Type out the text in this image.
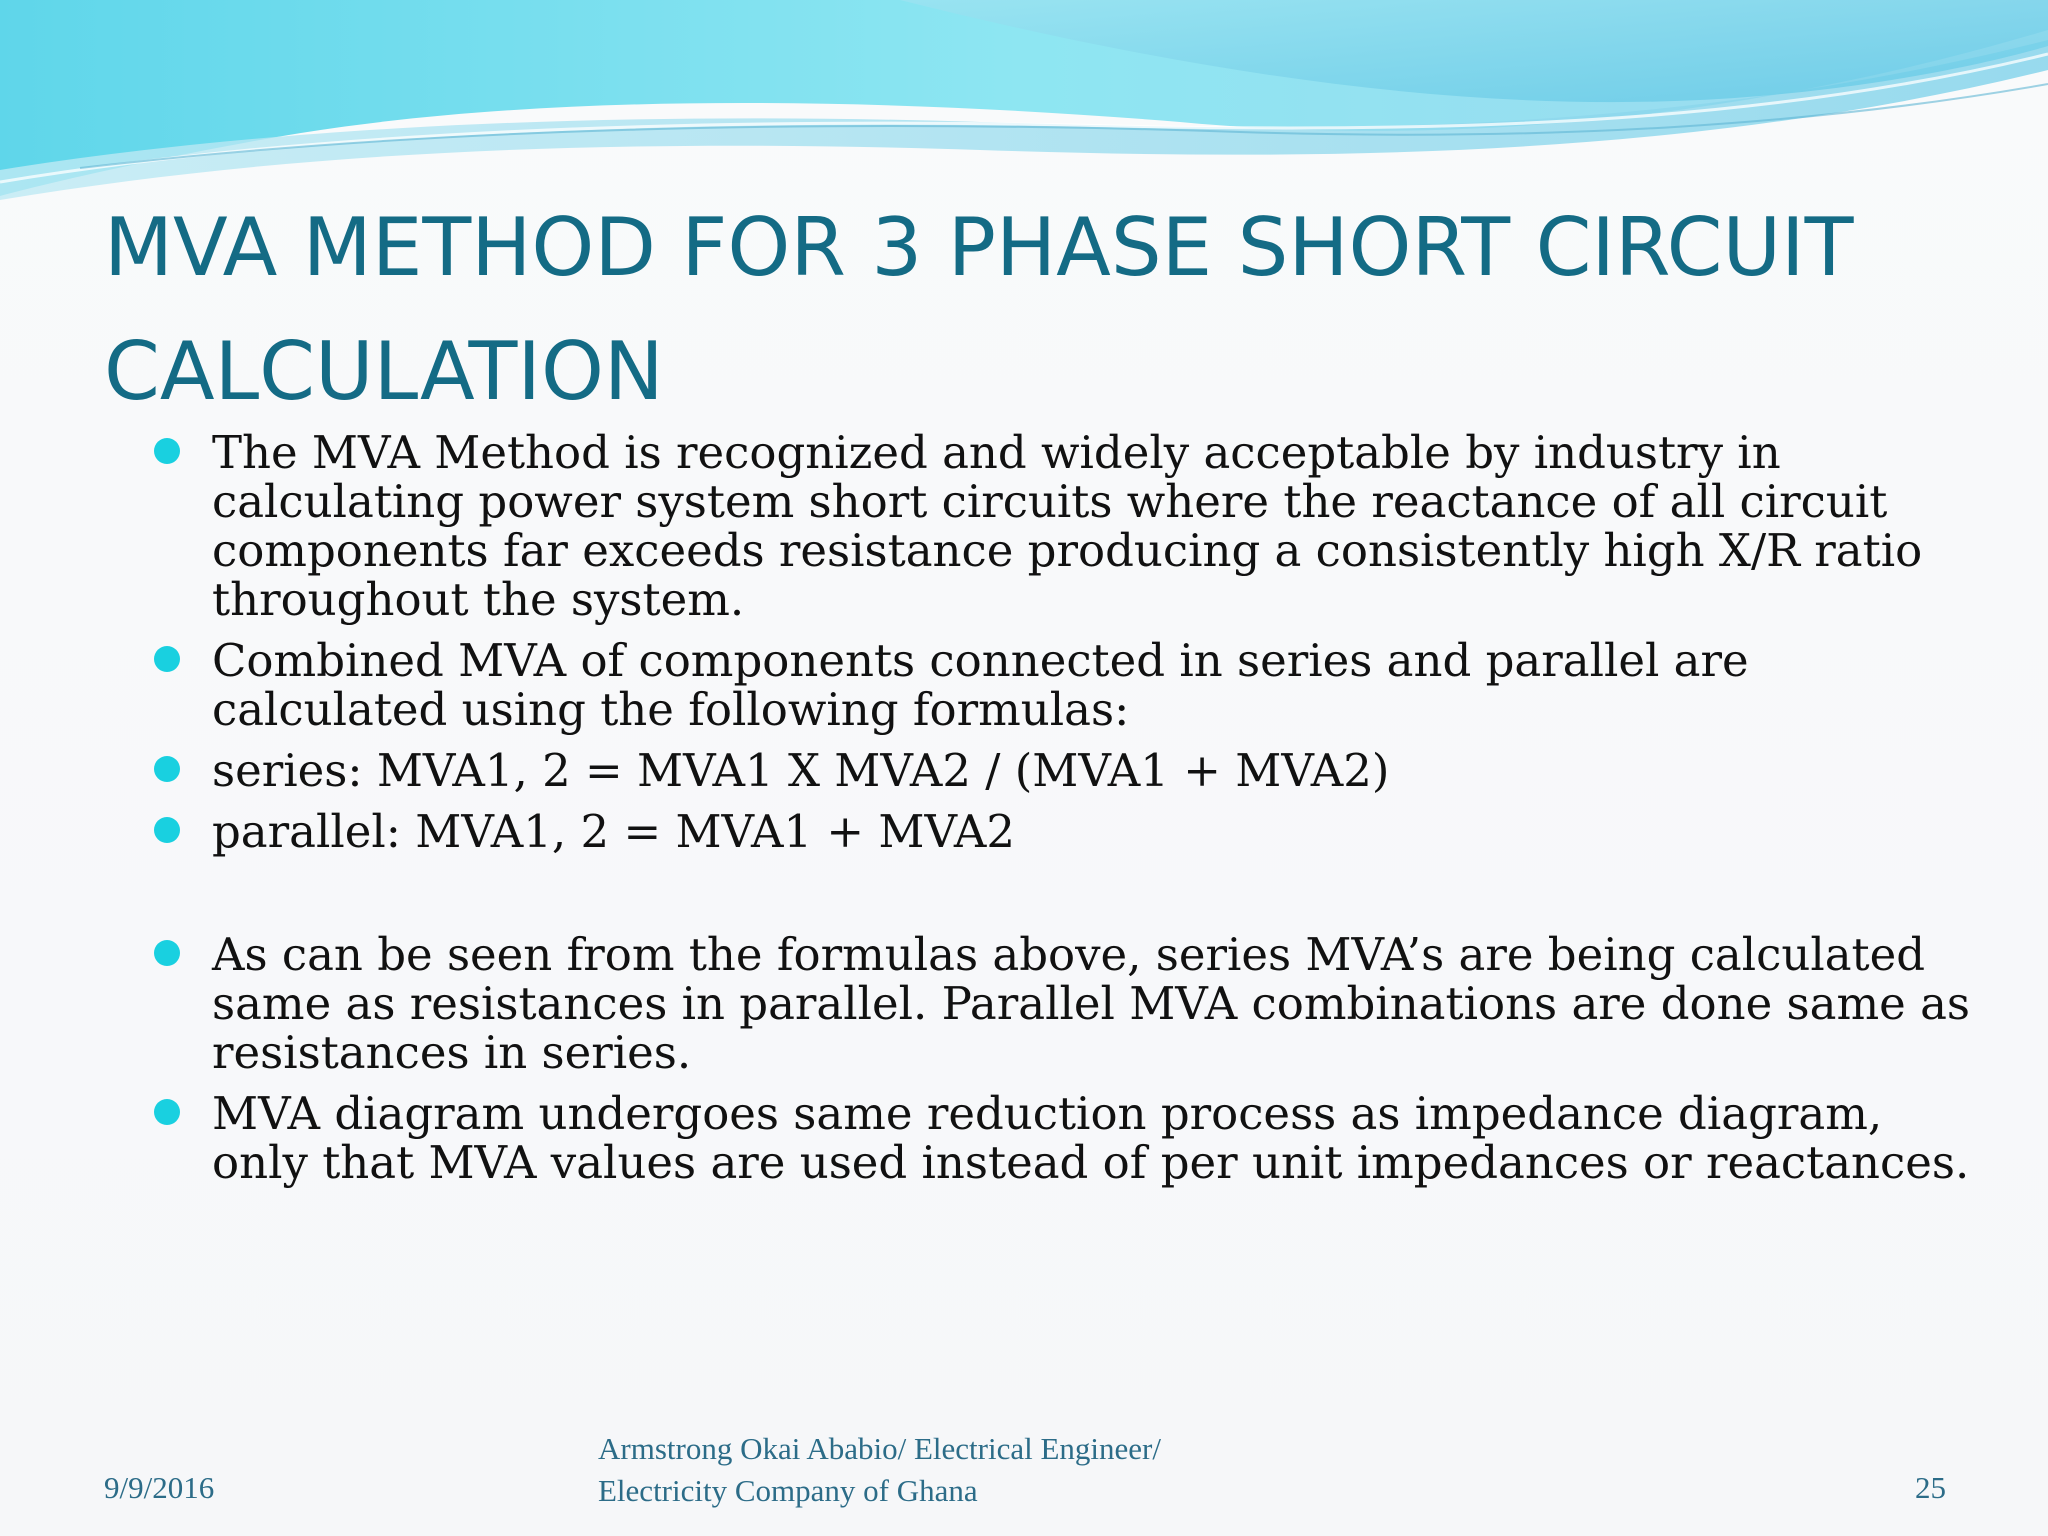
MVA METHOD FOR 3 PHASE SHORT CIRCUIT CALCULATION
The MVA Method is recognized and widely acceptable by industry in calculating power system short circuits where the reactance of all circuit components far exceeds resistance producing a consistently high X/R ratio throughout the system.
Combined MVA of components connected in series and parallel are calculated using the following formulas:
series: MVA1, 2 = MVA1 X MVA2 / (MVA1 + MVA2)
parallel: MVA1, 2 = MVA1 + MVA2
As can be seen from the formulas above, series MVA’s are being calculated same as resistances in parallel. Parallel MVA combinations are done same as resistances in series.
MVA diagram undergoes same reduction process as impedance diagram, only that MVA values are used instead of per unit impedances or reactances.
9/9/2016
Armstrong Okai Ababio/ Electrical Engineer/
Electricity Company of Ghana	25
